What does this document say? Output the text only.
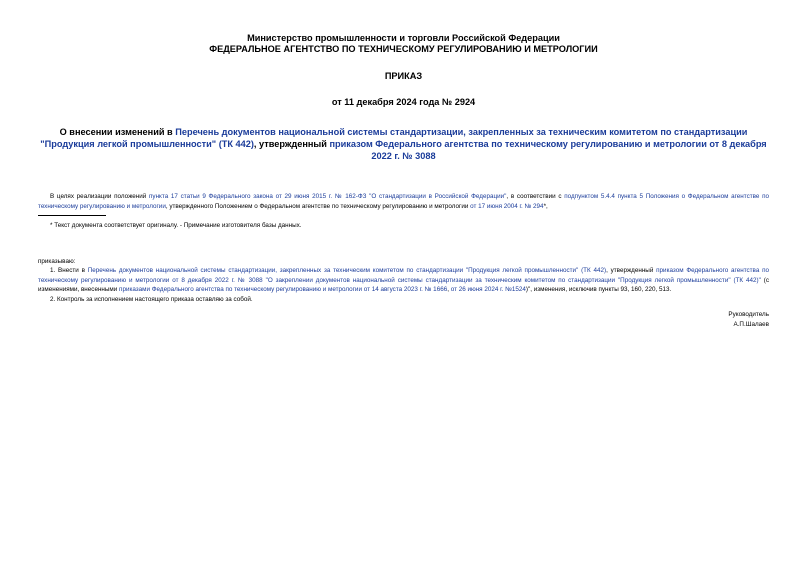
Министерство промышленности и торговли Российской Федерации
ФЕДЕРАЛЬНОЕ АГЕНТСТВО ПО ТЕХНИЧЕСКОМУ РЕГУЛИРОВАНИЮ И МЕТРОЛОГИИ
ПРИКАЗ
от 11 декабря 2024 года № 2924
О внесении изменений в Перечень документов национальной системы стандартизации, закрепленных за техническим комитетом по стандартизации "Продукция легкой промышленности" (ТК 442), утвержденный приказом Федерального агентства по техническому регулированию и метрологии от 8 декабря 2022 г. № 3088
В целях реализации положений пункта 17 статьи 9 Федерального закона от 29 июня 2015 г. № 162-ФЗ "О стандартизации в Российской Федерации", в соответствии с подпунктом 5.4.4 пункта 5 Положения о Федеральном агентстве по техническому регулированию и метрологии, утвержденного Положением о Федеральном агентстве по техническому регулированию и метрологии от 17 июня 2004 г. № 294*,
* Текст документа соответствует оригиналу. - Примечание изготовителя базы данных.
приказываю:
1. Внести в Перечень документов национальной системы стандартизации, закрепленных за техническим комитетом по стандартизации "Продукция легкой промышленности" (ТК 442), утвержденный приказом Федерального агентства по техническому регулированию и метрологии от 8 декабря 2022 г. № 3088 "О закреплении документов национальной системы стандартизации за техническим комитетом по стандартизации "Продукция легкой промышленности" (ТК 442)" (с изменениями, внесенными приказами Федерального агентства по техническому регулированию и метрологии от 14 августа 2023 г. № 1666, от 26 июня 2024 г. №1524)", изменения, исключив пункты 93, 160, 220, 513.
2. Контроль за исполнением настоящего приказа оставляю за собой.
Руководитель
А.П.Шалаев
